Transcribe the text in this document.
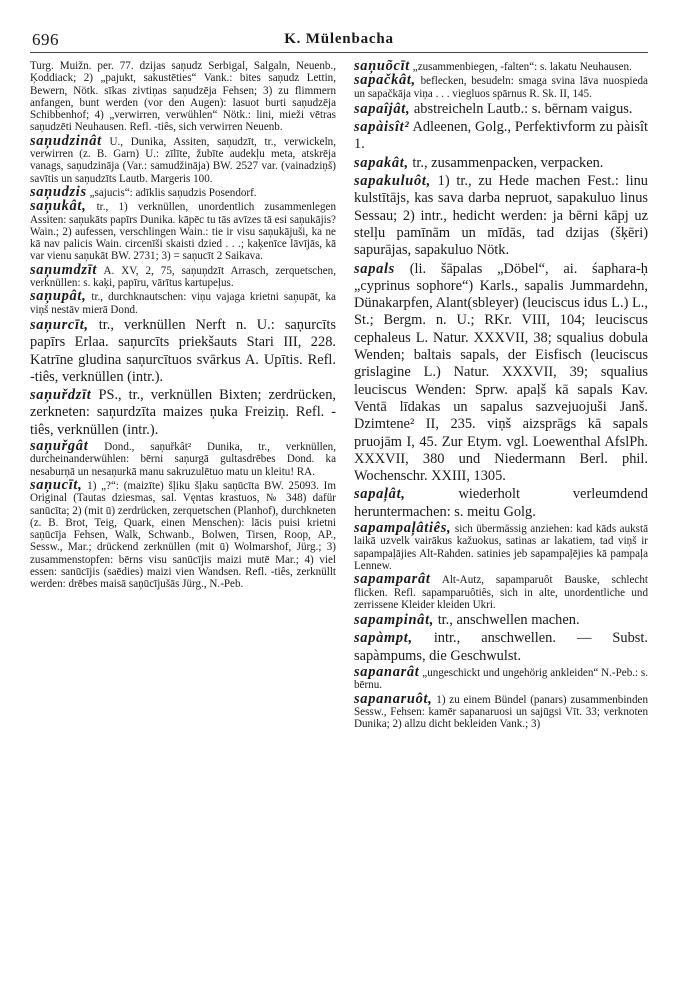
696	K. Mülenbacha

Turg. Muižn. per. 77. dzijas saņudz Serbigal, Salgaln, Neuenb., Ķoddiack; 2) „pajukt, sakustēties“ Vank.: bites saņudz Lettin, Bewern, Nötk. sīkas zivtiņas saņudzēja Fehsen; 3) zu flimmern anfangen, bunt werden (vor den Augen): lasuot burti saņudzēja Schibbenhof; 4) „verwirren, verwühlen“ Nötk.: lini, mieži vētras saņudzēti Neuhausen. Refl. -tiês, sich verwirren Neuenb.

saņudzinât U., Dunika, Assiten, saņudzīt, tr., verwickeln, verwirren (z. B. Garn) U.: zīlīte, žubīte audekļu meta, atskrēja vanags, saņudzināja (Var.: samudžināja) BW. 2527 var. (vainadziņš) savītis un saņudzīts Lautb. Margeris 100.

saņudzis „sajucis“: adīklis saņudzis Posendorf.

saņukât, tr., 1) verknüllen, unordentlich zusammenlegen Assiten: saņukāts papīrs Dunika. kāpēc tu tās avīzes tā esi saņukājis? Wain.; 2) aufessen, verschlingen Wain.: tie ir visu saņukājuši, ka ne kā nav palicis Wain. circenīši skaisti dzied . . .; kaķenīce lāvījās, kā var vienu saņukāt BW. 2731; 3) = saņucīt 2 Saikava.

saņumdzīt A. XV, 2, 75, saņuņdzīt Arrasch, zerquetschen, verknüllen: s. kaķi, papīru, vārītus kartupeļus.

saņupât, tr., durchknautschen: viņu vajaga krietni saņupāt, ka viņš nestāv mierā Dond.

saņurcīt, tr., verknüllen Nerft n. U.: saņurcīts papīrs Erlaa. saņurcīts priekšauts Stari III, 228. Katrīne gludina saņurcītuos svārkus A. Upītis. Refl. -tiês, verknüllen (intr.).

saņuřdzīt PS., tr., verknüllen Bixten; zerdrücken, zerkneten: saņurdzīta maizes ņuka Freiziņ. Refl. -tiês, verknüllen (intr.).

saņuřgât Dond., saņuřkât² Dunika, tr., verknüllen, durcheinanderwühlen: bērni saņurgā gultasdrēbes Dond. ka nesaburņā un nesaņurkā manu sakruzulētuo matu un kleitu! RA.

saņucīt, 1) „?“: (maizīte) šļiku šļaku saņūcīta BW. 25093. Im Original (Tautas dziesmas, sal. Vęntas krastuos, № 348) dafür sanūcīta; 2) (mit ū) zerdrücken, zerquetschen (Planhof), durchkneten (z. B. Brot, Teig, Quark, einen Menschen): lācis puisi krietni saņūcīja Fehsen, Walk, Schwanb., Bolwen, Tirsen, Roop, AP., Sessw., Mar.; drückend zerknüllen (mit ū) Wolmarshof, Jürg.; 3) zusammenstopfen: bērns visu sanūcījis maizi mutē Mar.; 4) viel essen: sanūcījis (saēdies) maizi vien Wandsen. Refl. -tiês, zerknüllt werden: drēbes maisā saņūcījušās Jürg., N.-Peb.

saņuõcīt „zusammenbiegen, -falten“: s. lakatu Neuhausen.

sapačkât, beflecken, besudeln: smaga svina lāva nuospieda un sapačkāja viņa . . . viegluos spārnus R. Sk. II, 145.

sapaîjât, abstreicheln Lautb.: s. bērnam vaigus.

sapàisît² Adleenen, Golg., Perfektivform zu pàisît 1.

sapakât, tr., zusammenpacken, verpacken.

sapakuluôt, 1) tr., zu Hede machen Fest.: linu kulstītājs, kas sava darba nepruot, sapakuluo linus Sessau; 2) intr., hedicht werden: ja bērni kāpj uz stelļu pamīnām un mīdās, tad dzijas (šķēri) sapurājas, sapakuluo Nötk.

sapals (li. šāpalas „Döbel“, ai. śaphara-ḥ „cyprinus sophore“) Karls., sapalis Jummardehn, Dünakarpfen, Alant(sbleyer) (leuciscus idus L.) L., St.; Bergm. n. U.; RKr. VIII, 104; leuciscus cephaleus L. Natur. XXXVII, 38; squalius dobula Wenden; baltais sapals, der Eisfisch (leuciscus grislagine L.) Natur. XXXVII, 39; squalius leuciscus Wenden: Sprw. apaļš kā sapals Kav. Ventā līdakas un sapalus sazvejuojuši Janš. Dzimtene² II, 235. viņš aizsprāgs kā sapals pruojām I, 45. Zur Etym. vgl. Loewenthal AfslPh. XXXVII, 380 und Niedermann Berl. phil. Wochenschr. XXIII, 1305.

sapaļât,	wiederholt verleumdend heruntermachen: s. meitu Golg.

sapampaļâtiês, sich übermässig anziehen: kad kāds aukstā laikā uzvelk vairākus kažuokus, satinas ar lakatiem, tad viņš ir sapampaļājies Alt-Rahden. satinies jeb sapampaļējies kā pampaļa Lennew.

sapamparât Alt-Autz, sapamparuôt Bauske, schlecht flicken. Refl. sapamparuôtiês, sich in alte, unordentliche und zerrissene Kleider kleiden Ukri.

sapampinât, tr., anschwellen machen.

sapàmpt, intr., anschwellen. — Subst. sapàmpums, die Geschwulst.

sapanarât „ungeschickt und ungehörig ankleiden“ N.-Peb.: s. bērnu.

sapanaruôt, 1) zu einem Bündel (panars) zusammenbinden Sessw., Fehsen: kamēr sapanaruosi un sajūgsi Vīt. 33; verknoten Dunika; 2) allzu dicht bekleiden Vank.; 3)
